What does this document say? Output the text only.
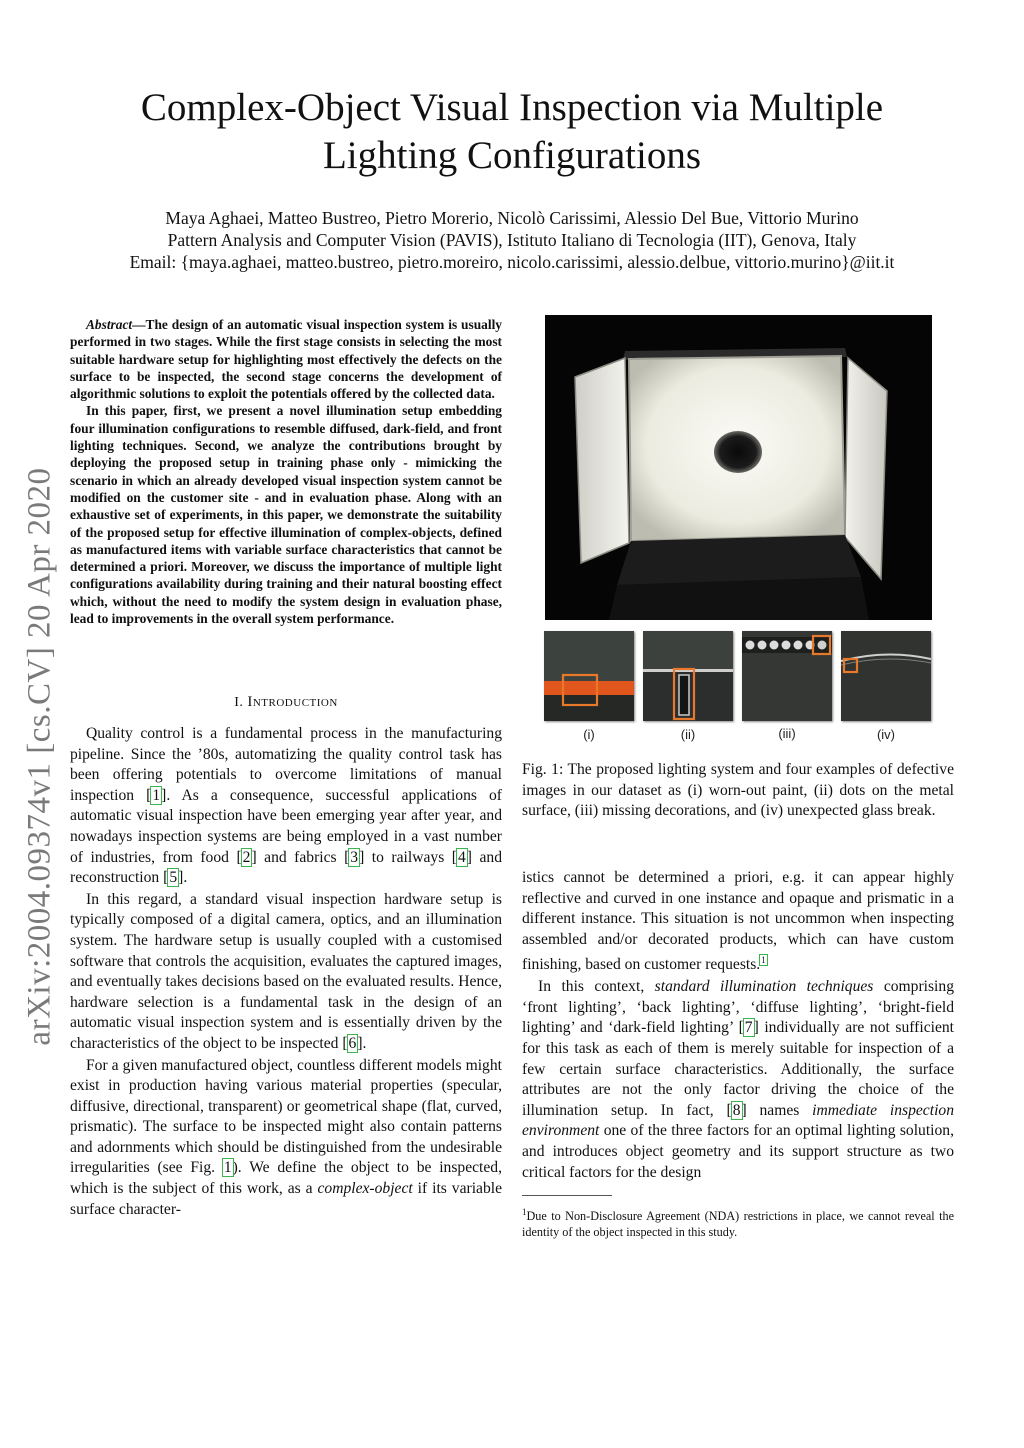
arXiv:2004.09374v1 [cs.CV] 20 Apr 2020
Complex-Object Visual Inspection via Multiple Lighting Configurations
Maya Aghaei, Matteo Bustreo, Pietro Morerio, Nicolò Carissimi, Alessio Del Bue, Vittorio Murino
Pattern Analysis and Computer Vision (PAVIS), Istituto Italiano di Tecnologia (IIT), Genova, Italy
Email: {maya.aghaei, matteo.bustreo, pietro.moreiro, nicolo.carissimi, alessio.delbue, vittorio.murino}@iit.it

Abstract—The design of an automatic visual inspection system is usually performed in two stages. While the first stage consists in selecting the most suitable hardware setup for highlighting most effectively the defects on the surface to be inspected, the second stage concerns the development of algorithmic solutions to exploit the potentials offered by the collected data.

In this paper, first, we present a novel illumination setup embedding four illumination configurations to resemble diffused, dark-field, and front lighting techniques. Second, we analyze the contributions brought by deploying the proposed setup in training phase only - mimicking the scenario in which an already developed visual inspection system cannot be modified on the customer site - and in evaluation phase. Along with an exhaustive set of experiments, in this paper, we demonstrate the suitability of the proposed setup for effective illumination of complex-objects, defined as manufactured items with variable surface characteristics that cannot be determined a priori. Moreover, we discuss the importance of multiple light configurations availability during training and their natural boosting effect which, without the need to modify the system design in evaluation phase, lead to improvements in the overall system performance.

I. Introduction

Quality control is a fundamental process in the manufacturing pipeline. Since the ’80s, automatizing the quality control task has been offering potentials to overcome limitations of manual inspection [1]. As a consequence, successful applications of automatic visual inspection have been emerging year after year, and nowadays inspection systems are being employed in a vast number of industries, from food [2] and fabrics [3] to railways [4] and reconstruction [5].

In this regard, a standard visual inspection hardware setup is typically composed of a digital camera, optics, and an illumination system. The hardware setup is usually coupled with a customised software that controls the acquisition, evaluates the captured images, and eventually takes decisions based on the evaluated results. Hence, hardware selection is a fundamental task in the design of an automatic visual inspection system and is essentially driven by the characteristics of the object to be inspected [6].

For a given manufactured object, countless different models might exist in production having various material properties (specular, diffusive, directional, transparent) or geometrical shape (flat, curved, prismatic). The surface to be inspected might also contain patterns and adornments which should be distinguished from the undesirable irregularities (see Fig. 1). We define the object to be inspected, which is the subject of this work, as a complex-object if its variable surface character-

(i)	(ii)	(iii)	(iv)
Fig. 1: The proposed lighting system and four examples of defective images in our dataset as (i) worn-out paint, (ii) dots on the metal surface, (iii) missing decorations, and (iv) unexpected glass break.

istics cannot be determined a priori, e.g. it can appear highly reflective and curved in one instance and opaque and prismatic in a different instance. This situation is not uncommon when inspecting assembled and/or decorated products, which can have custom finishing, based on customer requests.$^1$

In this context, standard illumination techniques comprising ‘front lighting’, ‘back lighting’, ‘diffuse lighting’, ‘bright-field lighting’ and ‘dark-field lighting’ [7] individually are not sufficient for this task as each of them is merely suitable for inspection of a few certain surface characteristics. Additionally, the surface attributes are not the only factor driving the choice of the illumination setup. In fact, [8] names immediate inspection environment one of the three factors for an optimal lighting solution, and introduces object geometry and its support structure as two critical factors for the design

$^1$Due to Non-Disclosure Agreement (NDA) restrictions in place, we cannot reveal the identity of the object inspected in this study.
